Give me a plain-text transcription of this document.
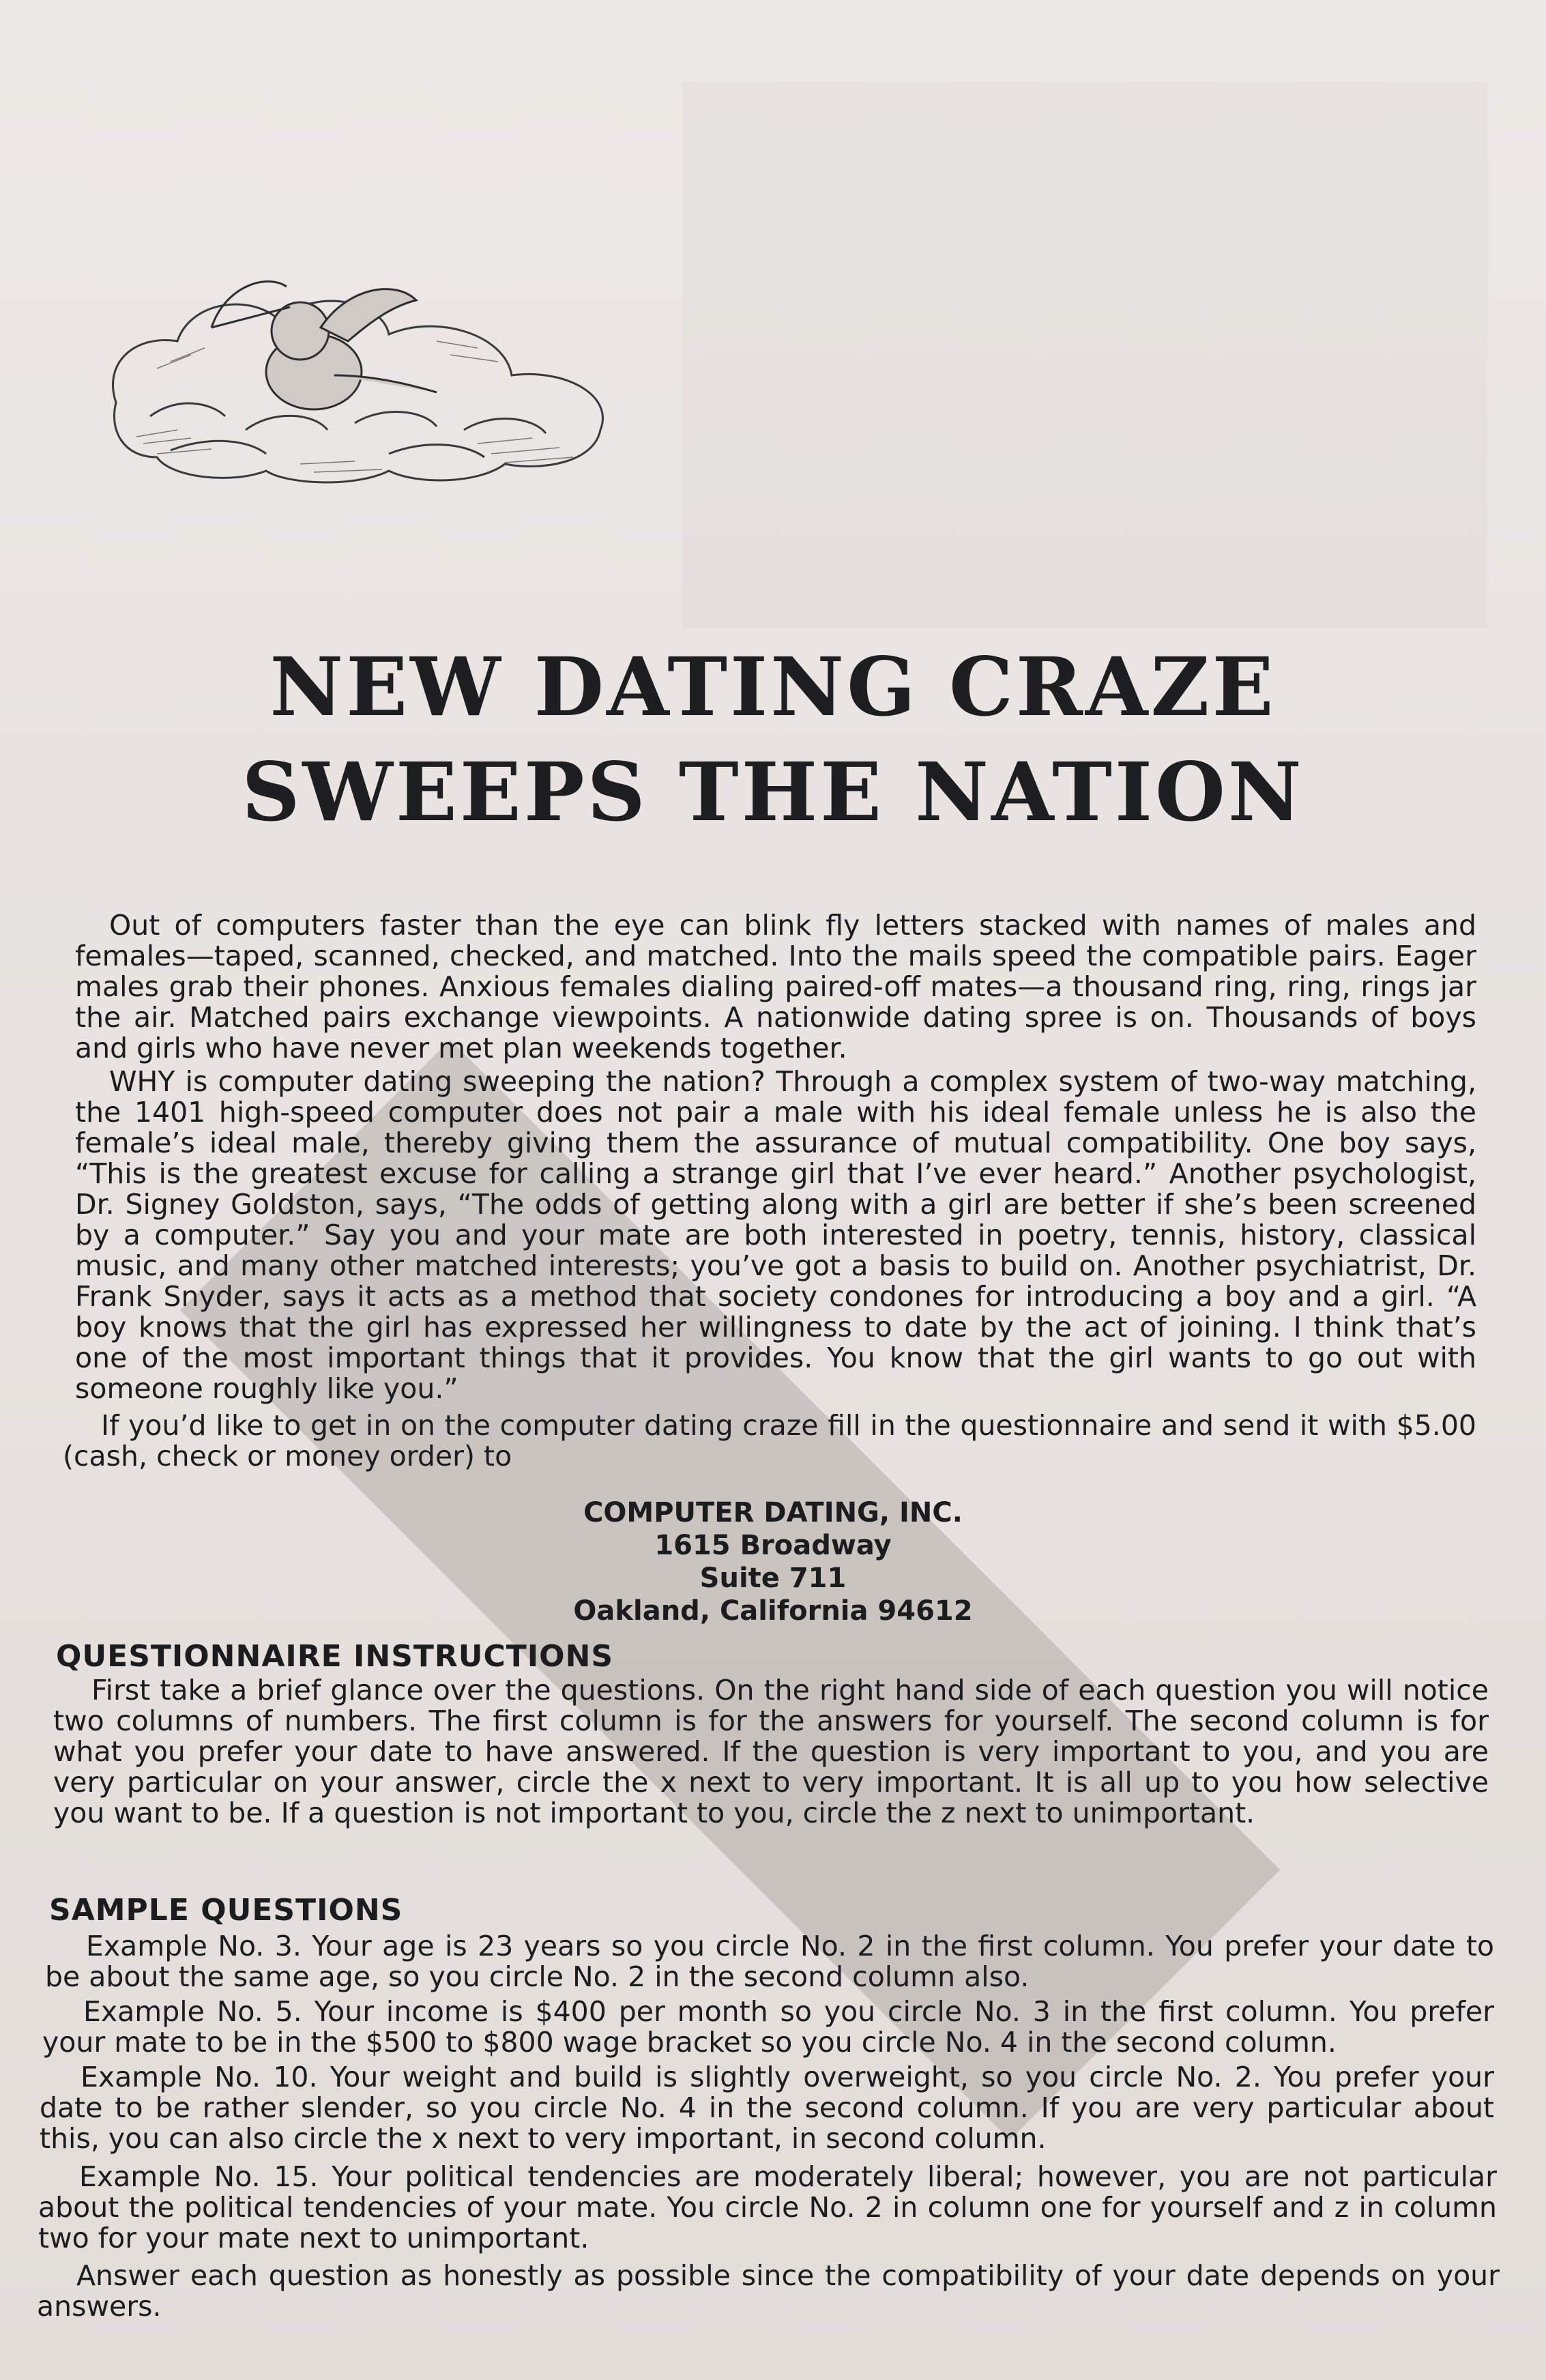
NEW DATING CRAZE
SWEEPS THE NATION

Out of computers faster than the eye can blink fly letters stacked with names of males and females—taped, scanned, checked, and matched. Into the mails speed the compatible pairs. Eager males grab their phones. Anxious females dialing paired-off mates—a thousand ring, ring, rings jar the air. Matched pairs exchange viewpoints. A nationwide dating spree is on. Thousands of boys and girls who have never met plan weekends together.

WHY is computer dating sweeping the nation? Through a complex system of two-way matching, the 1401 high-speed computer does not pair a male with his ideal female unless he is also the female’s ideal male, thereby giving them the assurance of mutual compatibility. One boy says, “This is the greatest excuse for calling a strange girl that I’ve ever heard.” Another psychologist, Dr. Signey Goldston, says, “The odds of getting along with a girl are better if she’s been screened by a computer.” Say you and your mate are both interested in poetry, tennis, history, classical music, and many other matched interests; you’ve got a basis to build on. Another psychiatrist, Dr. Frank Snyder, says it acts as a method that society condones for introducing a boy and a girl. “A boy knows that the girl has expressed her willingness to date by the act of joining. I think that’s one of the most important things that it provides. You know that the girl wants to go out with someone roughly like you.”

If you’d like to get in on the computer dating craze fill in the questionnaire and send it with $5.00 (cash, check or money order) to

COMPUTER DATING, INC.
1615 Broadway
Suite 711
Oakland, California 94612
QUESTIONNAIRE INSTRUCTIONS

First take a brief glance over the questions. On the right hand side of each question you will notice two columns of numbers. The first column is for the answers for yourself. The second column is for what you prefer your date to have answered. If the question is very important to you, and you are very particular on your answer, circle the x next to very important. It is all up to you how selective you want to be. If a question is not important to you, circle the z next to unimportant.

SAMPLE QUESTIONS

Example No. 3. Your age is 23 years so you circle No. 2 in the first column. You prefer your date to be about the same age, so you circle No. 2 in the second column also.

Example No. 5. Your income is $400 per month so you circle No. 3 in the first column. You prefer your mate to be in the $500 to $800 wage bracket so you circle No. 4 in the second column.

Example No. 10. Your weight and build is slightly overweight, so you circle No. 2. You prefer your date to be rather slender, so you circle No. 4 in the second column. If you are very particular about this, you can also circle the x next to very important, in second column.

Example No. 15. Your political tendencies are moderately liberal; however, you are not particular about the political tendencies of your mate. You circle No. 2 in column one for yourself and z in column two for your mate next to unimportant.

Answer each question as honestly as possible since the compatibility of your date depends on your answers.
